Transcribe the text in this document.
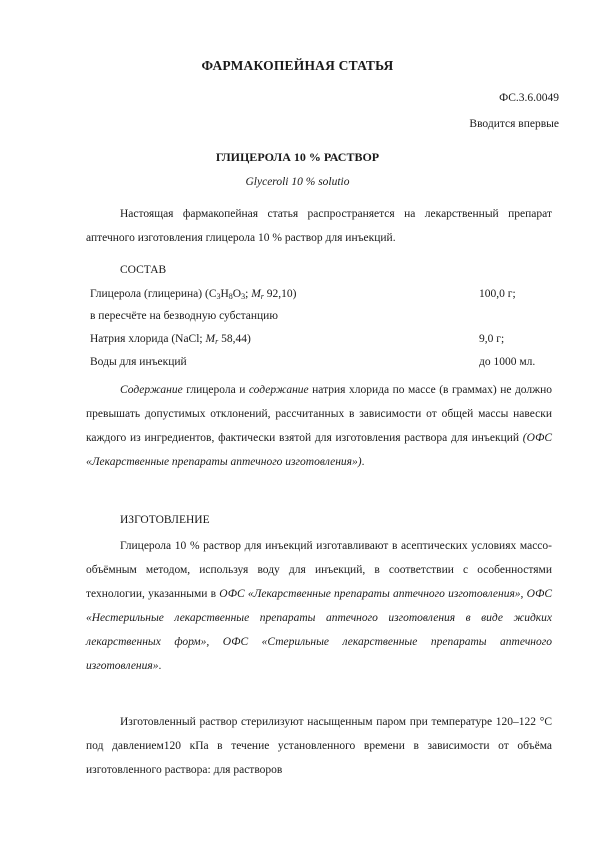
ФАРМАКОПЕЙНАЯ СТАТЬЯ
ФС.3.6.0049
Вводится впервые
ГЛИЦЕРОЛА 10 % РАСТВОР
Glyceroli 10 % solutio
Настоящая фармакопейная статья распространяется на лекарственный препарат аптечного изготовления глицерола 10 % раствор для инъекций.
СОСТАВ
Глицерола (глицерина) ($C_3H_8O_3$; $M_r$ 92,10)	100,0 г;
в пересчёте на безводную субстанцию
Натрия хлорида (NaCl; $M_r$ 58,44)	9,0 г;
Воды для инъекций	до 1000 мл.
Содержание глицерола и содержание натрия хлорида по массе (в граммах) не должно превышать допустимых отклонений, рассчитанных в зависимости от общей массы навески каждого из ингредиентов, фактически взятой для изготовления раствора для инъекций (ОФС «Лекарственные препараты аптечного изготовления»).
ИЗГОТОВЛЕНИЕ
Глицерола 10 % раствор для инъекций изготавливают в асептических условиях массо-объёмным методом, используя воду для инъекций, в соответствии с особенностями технологии, указанными в ОФС «Лекарственные препараты аптечного изготовления», ОФС «Нестерильные лекарственные препараты аптечного изготовления в виде жидких лекарственных форм», ОФС «Стерильные лекарственные препараты аптечного изготовления».
Изготовленный раствор стерилизуют насыщенным паром при температуре 120–122 °С под давлением120 кПа в течение установленного времени в зависимости от объёма изготовленного раствора: для растворов
